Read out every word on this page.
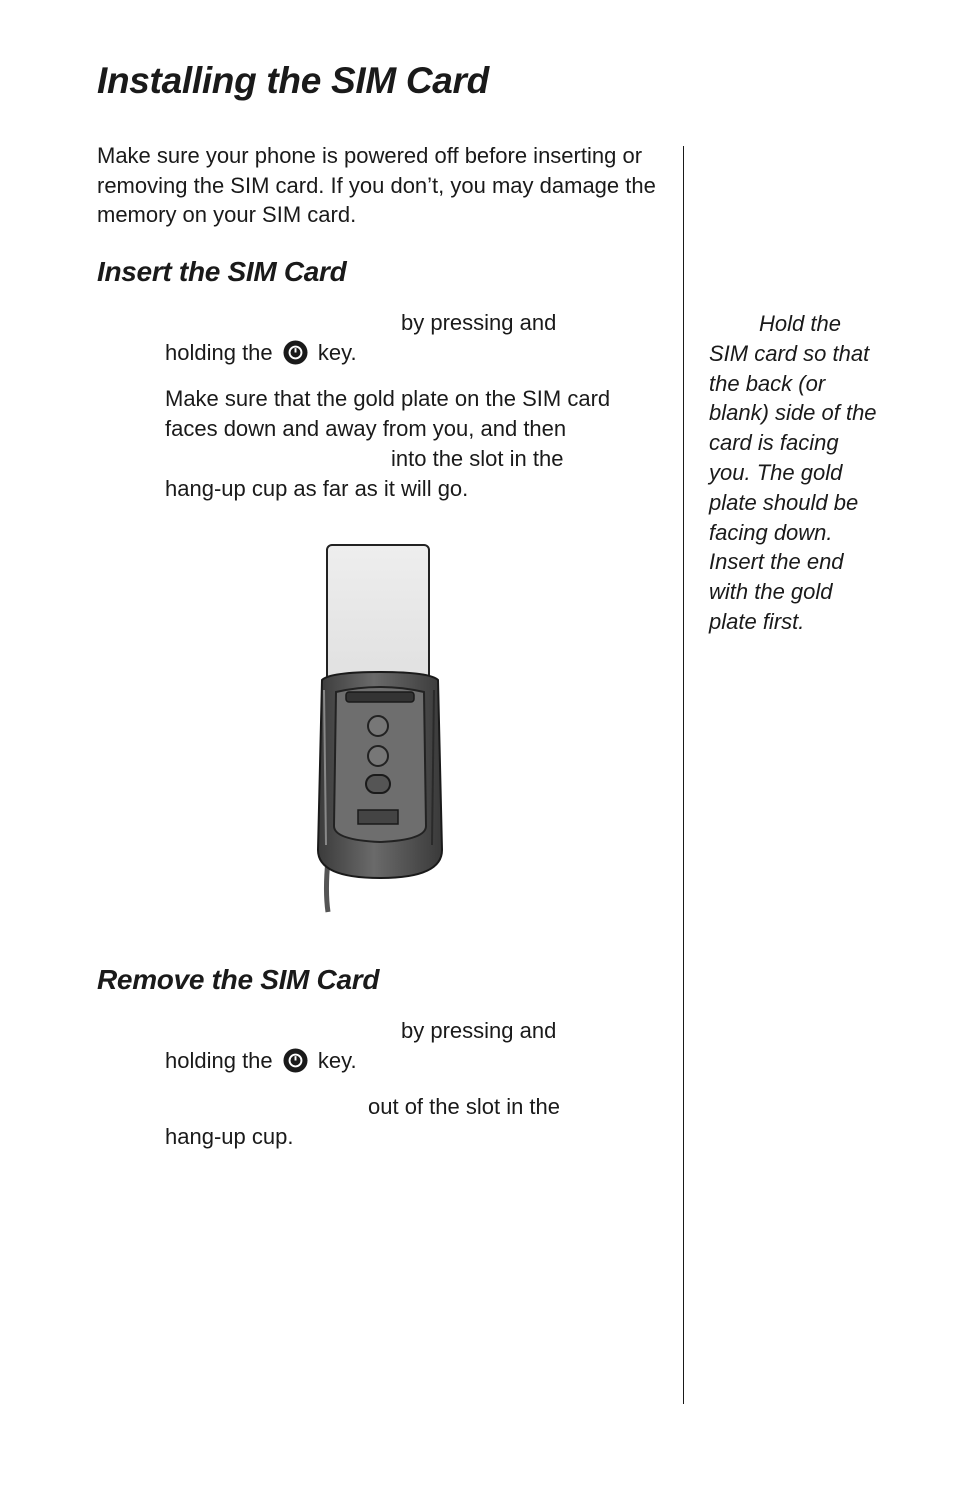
Installing the SIM Card

Make sure your phone is powered off before inserting or removing the SIM card. If you don’t, you may damage the memory on your SIM card.

Insert the SIM Card

by pressing and
holding the key.

Make sure that the gold plate on the SIM card faces down and away from you, and then
into the slot in the
hang-up cup as far as it will go.

Remove the SIM Card

by pressing and
holding the key.

out of the slot in the
hang-up cup.

Hold the SIM card so that the back (or blank) side of the card is facing you. The gold plate should be facing down. Insert the end with the gold plate first.
